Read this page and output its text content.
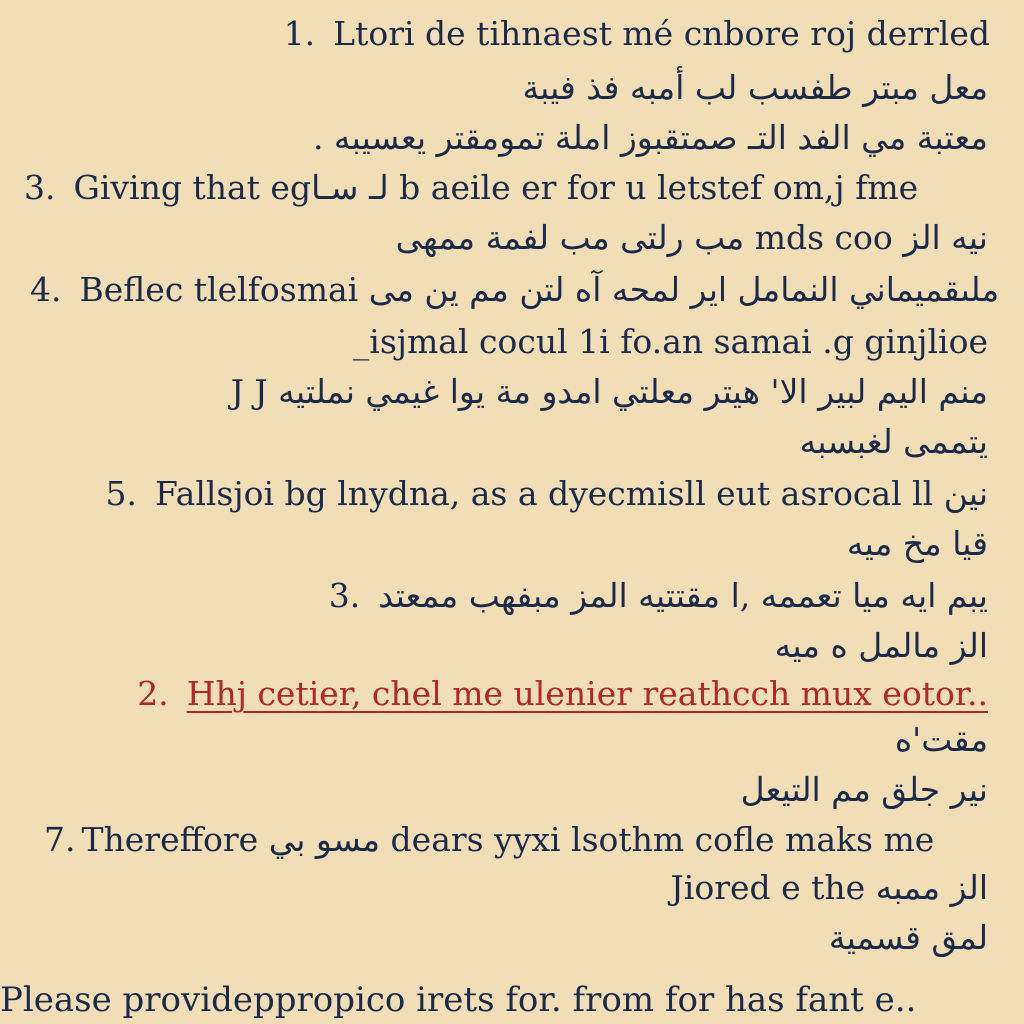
1. Ltori de tihnaest mé cnbore roj derrled
معل مبتر طفسب لب أمبه فذ فيبة
معتبة مي الفد التـ صمتقبوز املة تمومقتر يعسيبه .
3. Giving that egلـ سـا b aeile er for u letstef om,j fme
نيه الز mds coo مب رلتى مب لفمة ممهى
4. Beflec tlelfosmai ملىقميماني النمامل ایر لمحه آه لتن مم ین مى
_isjmal cocul 1i fo.an samai .g ginjlioe
منم اليم لبير الا' هيتر معلتي امدو مة يوا غيمي نملتيه J J
يتممى لغبسبه
5. Fallsjoi bg lnydna, as a dyecmisll eut asrocal ll نين
قيا مخ ميه
3. يبم ايه ميا تعممه ,ا مقتتيه المز مبفهب ممعتد
الز مالمل ه ميه
2. Hhj cetier, chel me ulenier reathcch mux eotor..
مقت'ه
نير جلق مم التيعل
7. Thereffore مسو بي dears yyxi lsothm cofle maks me
Jiored e the الز ممبه
لمق قسمية
Please provideppropico irets for. from for has fant e..
